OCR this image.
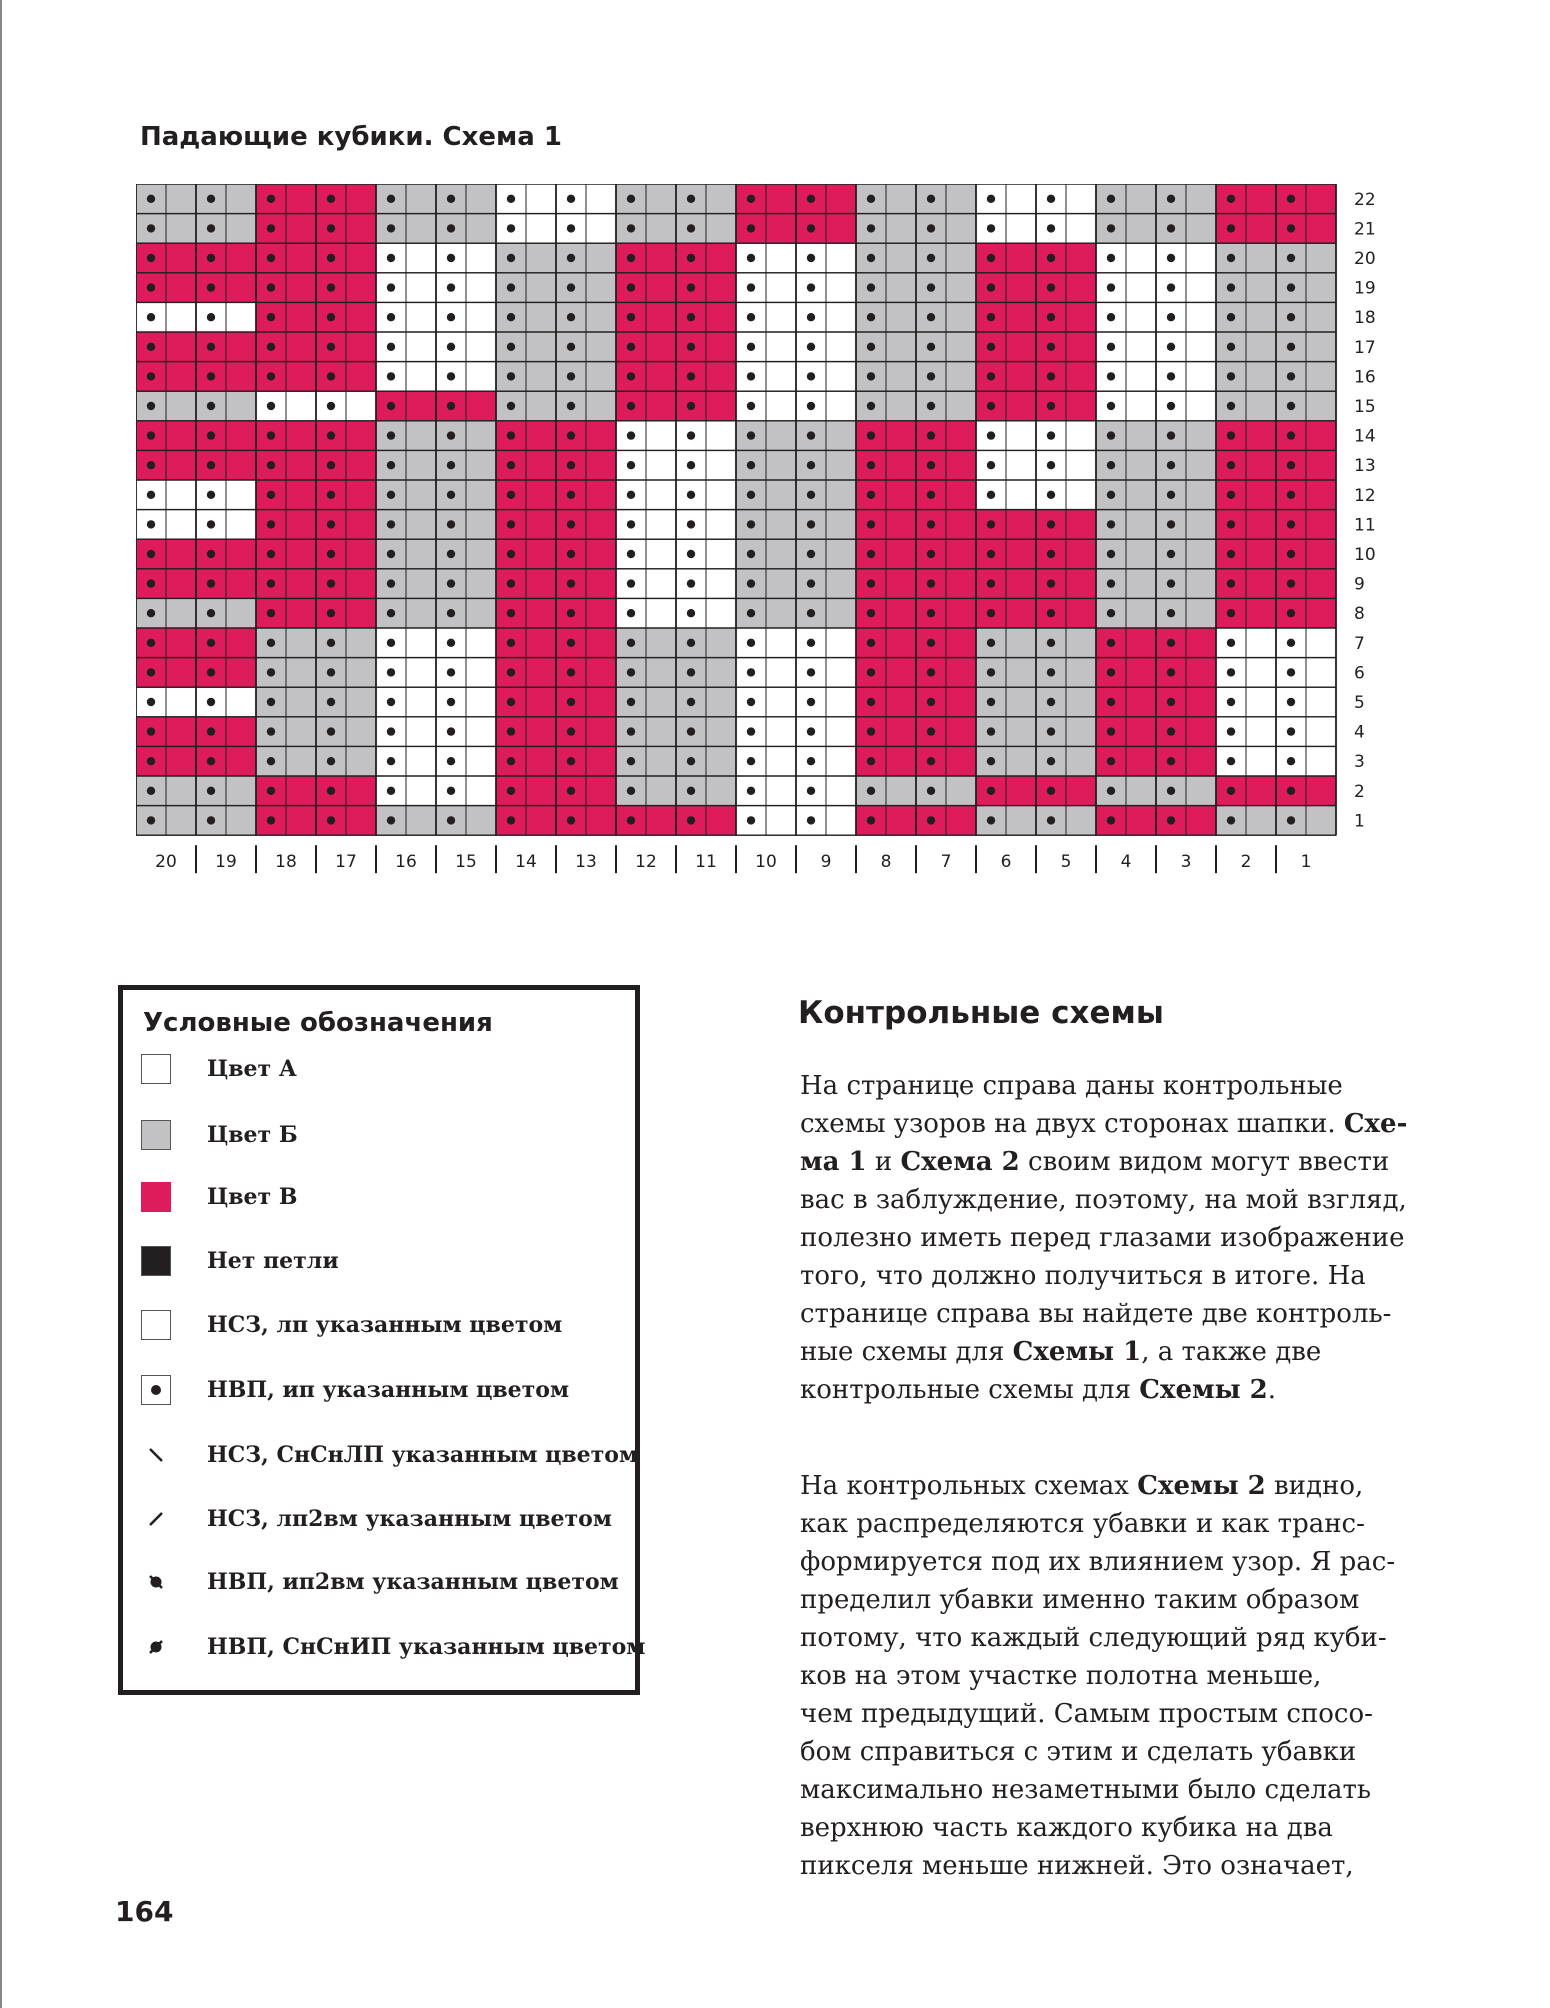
Падающие кубики. Схема 1
1
2
3
4
5
6
7
8
9
10
11
12
13
14
15
16
17
18
19
20
21
22
20 19 18 17 16 15 14 13 12 11 10	9	8	7	6	5	4	3	2	1
Условные обозначения
Цвет А
Цвет Б
Цвет В
Нет петли
НСЗ, лп указанным цветом
НВП, ип указанным цветом
НСЗ, СнСнЛП указанным цветом
НСЗ, лп2вм указанным цветом
НВП, ип2вм указанным цветом
НВП, СнСнИП указанным цветом
Контрольные схемы

На странице справа даны контрольные
схемы узоров на двух сторонах шапки. Схе-
ма 1 и Схема 2 своим видом могут ввести
вас в заблуждение, поэтому, на мой взгляд,
полезно иметь перед глазами изображение
того, что должно получиться в итоге. На
странице справа вы найдете две контроль-
ные схемы для Схемы 1, а также две
контрольные схемы для Схемы 2.

На контрольных схемах Схемы 2 видно,
как распределяются убавки и как транс-
формируется под их влиянием узор. Я рас-
пределил убавки именно таким образом
потому, что каждый следующий ряд куби-
ков на этом участке полотна меньше,
чем предыдущий. Самым простым спосо-
бом справиться с этим и сделать убавки
максимально незаметными было сделать
верхнюю часть каждого кубика на два
пикселя меньше нижней. Это означает,

164
